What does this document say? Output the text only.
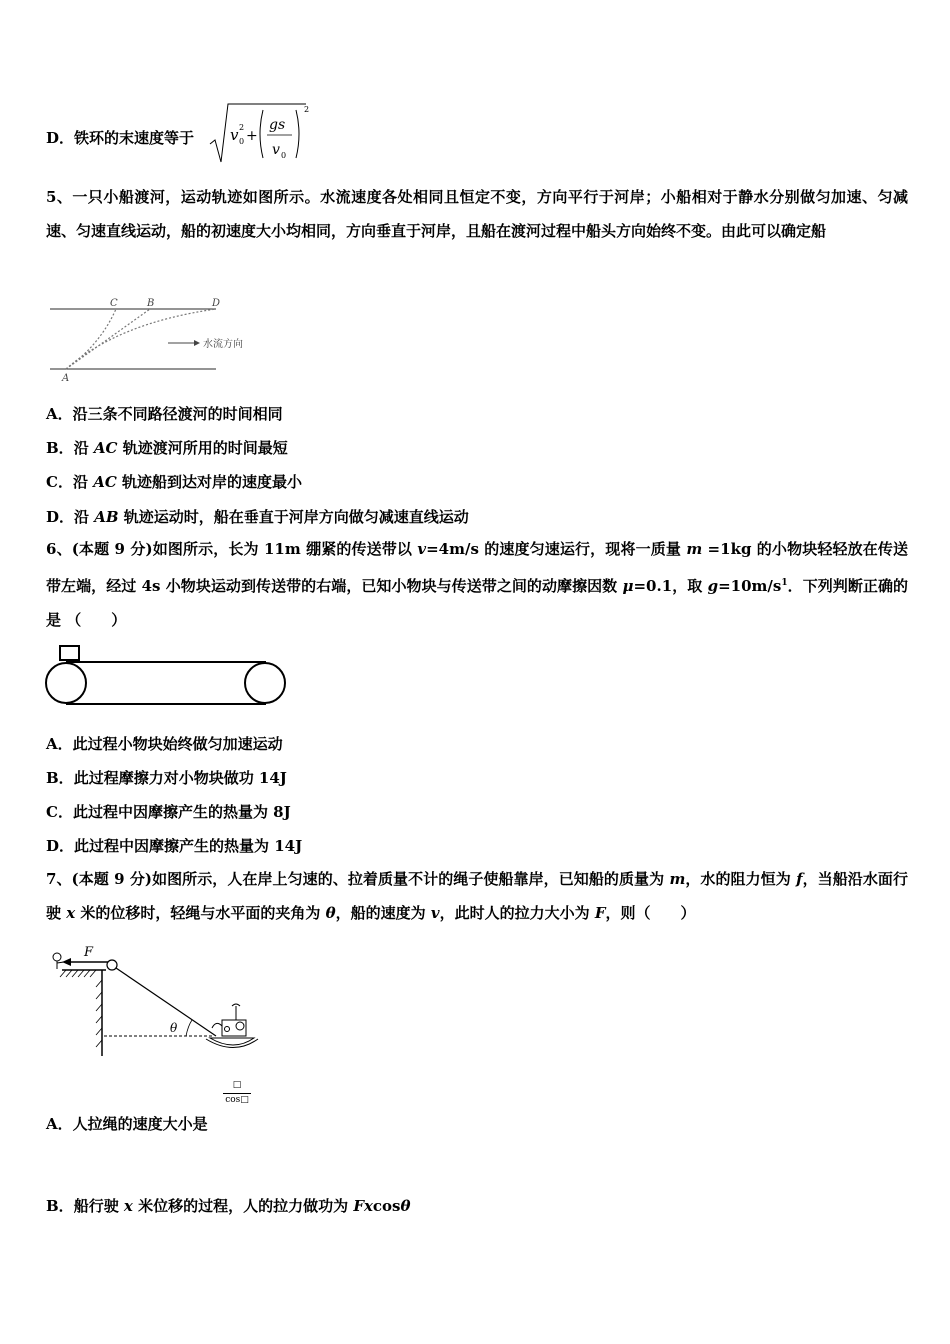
D．铁环的末速度等于 v 0
2
+
gs
v 0
2
5、一只小船渡河，运动轨迹如图所示。水流速度各处相同且恒定不变，方向平行于河岸；小船相对于静水分别做匀加速、匀减速、匀速直线运动，船的初速度大小均相同，方向垂直于河岸，且船在渡河过程中船头方向始终不变。由此可以确定船
C	B	D
A
水流方向
A．沿三条不同路径渡河的时间相同
B．沿 AC 轨迹渡河所用的时间最短
C．沿 AC 轨迹船到达对岸的速度最小
D．沿 AB 轨迹运动时，船在垂直于河岸方向做匀减速直线运动
6、(本题 9 分)如图所示，长为 11m 绷紧的传送带以 v=4m/s 的速度匀速运行，现将一质量 m =1kg 的小物块轻轻放在传送带左端，经过 4s 小物块运动到传送带的右端，已知小物块与传送带之间的动摩擦因数 μ=0.1，取 $g=10m/s^1$．下列判断正确的是 （　　）
A．此过程小物块始终做匀加速运动
B．此过程摩擦力对小物块做功 14J
C．此过程中因摩擦产生的热量为 8J
D．此过程中因摩擦产生的热量为 14J
7、(本题 9 分)如图所示，人在岸上匀速的、拉着质量不计的绳子使船靠岸，已知船的质量为 m，水的阻力恒为 f，当船沿水面行驶 x 米的位移时，轻绳与水平面的夹角为 θ，船的速度为 v，此时人的拉力大小为 F，则（　　）
F
θ
A．人拉绳的速度大小是
□
cos□
B．船行驶 x 米位移的过程，人的拉力做功为 Fxcosθ
